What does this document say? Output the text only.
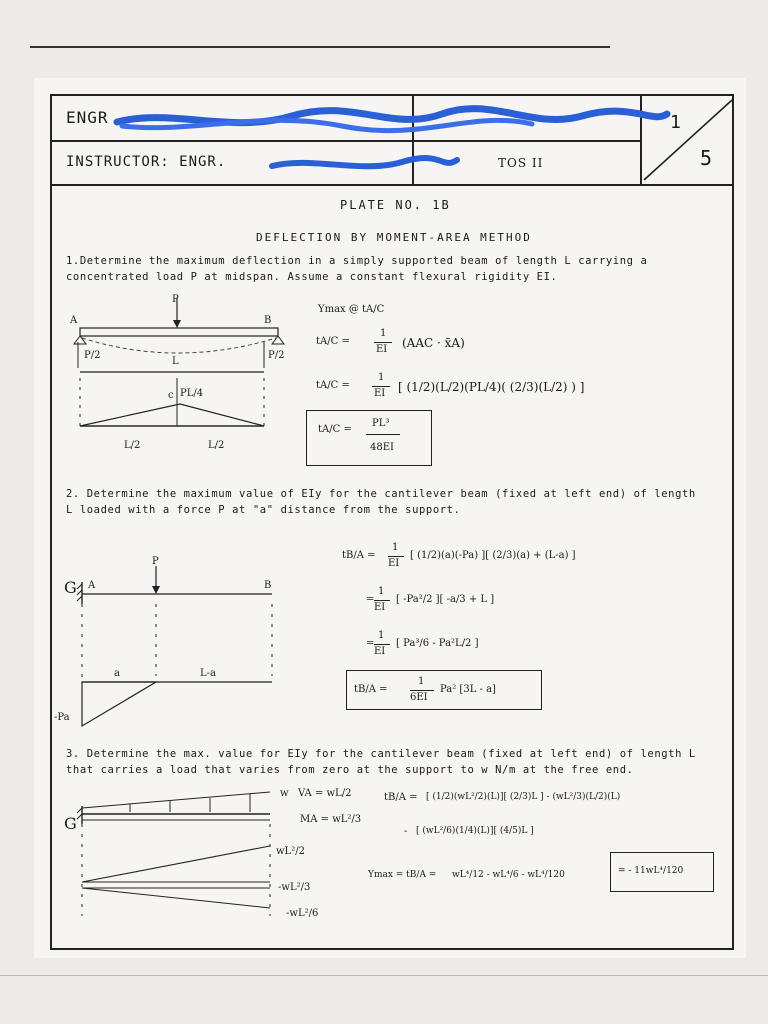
ENGR
INSTRUCTOR: ENGR.	TOS II
1
5
PLATE NO. 1B
DEFLECTION BY MOMENT-AREA METHOD
1.Determine the maximum deflection in a simply supported beam of length L carrying a
concentrated load P at midspan. Assume a constant flexural rigidity EI.
P
A	B
P/2	P/2
L
c PL/4
L/2	L/2
Ymax @ tA/C
tA/C =
1
EI (AAC · x̄A)
tA/C =
1
EI [ (1/2)(L/2)(PL/4)( (2/3)(L/2) ) ]
tA/C =
PL³
48EI
2. Determine the maximum value of EIy for the cantilever beam (fixed at left end) of length
L loaded with a force P at "a" distance from the support.
P
G A	B
a	L-a
-Pa
tB/A =
1
EI
[ (1/2)(a)(-Pa) ][ (2/3)(a) + (L-a) ]
=
1
EI
[ -Pa²/2 ][ -a/3 + L ]
=
1
EI
[ Pa³/6 - Pa²L/2 ]
tB/A =
1
6EI
Pa² [3L - a]
3. Determine the max. value for EIy for the cantilever beam (fixed at left end) of length L
that carries a load that varies from zero at the support to w N/m at the free end.
G
w VA = wL/2
MA = wL²/3
wL²/2
-wL²/3
-wL²/6
tB/A = [ (1/2)(wL²/2)(L)][ (2/3)L ] - (wL²/3)(L/2)(L)
- [ (wL²/6)(1/4)(L)][ (4/5)L ]
Ymax = tB/A = wL⁴/12 - wL⁴/6 - wL⁴/120	= - 11wL⁴/120
